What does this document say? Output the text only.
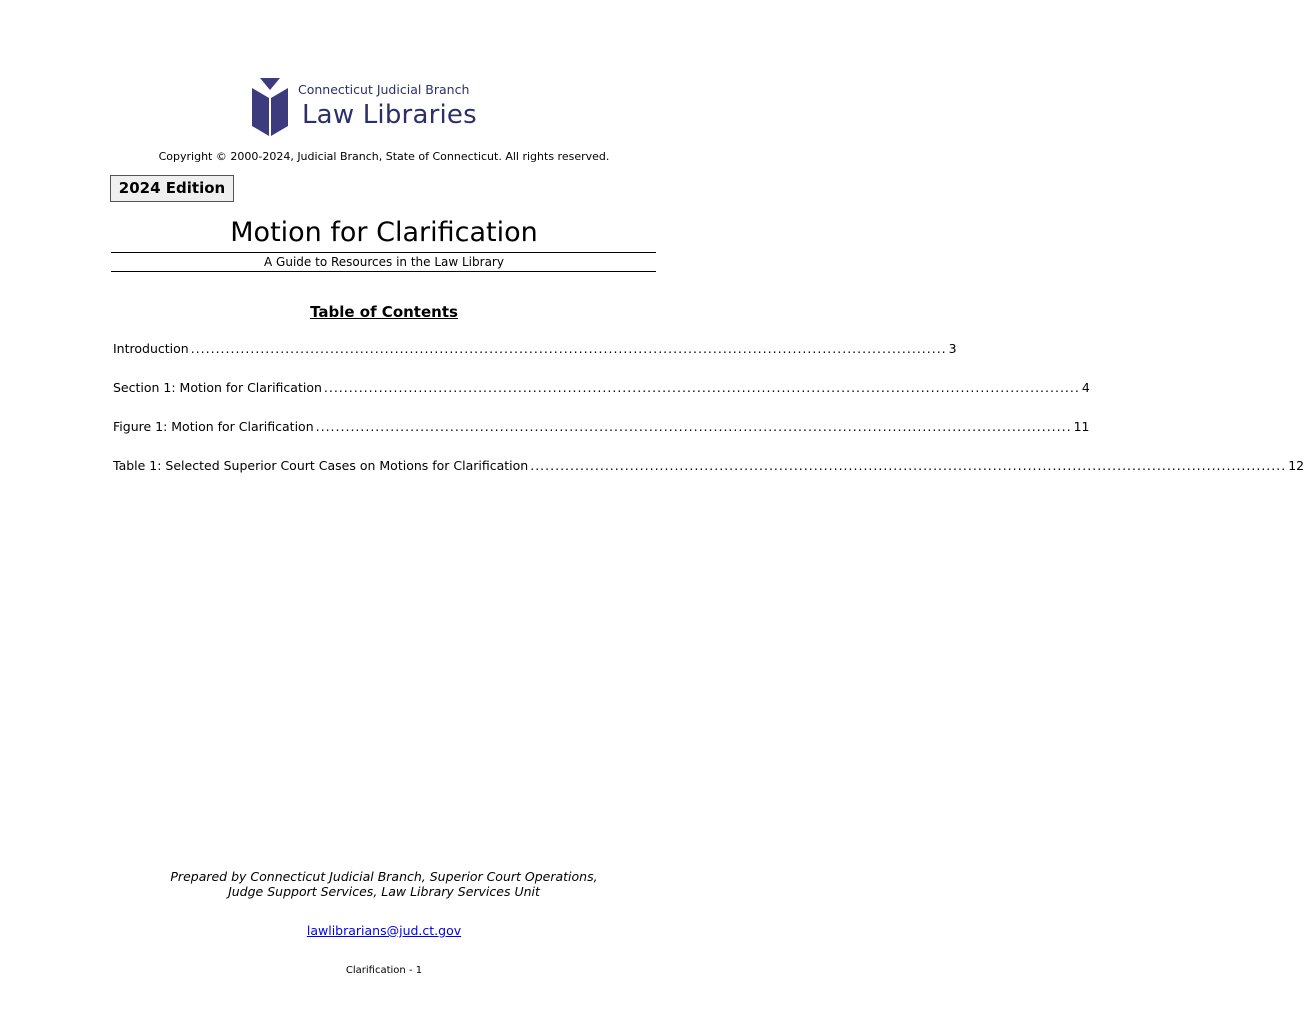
Connecticut Judicial Branch
Law Libraries
Copyright © 2000-2024, Judicial Branch, State of Connecticut. All rights reserved.
2024 Edition
Motion for Clarification
A Guide to Resources in the Law Library
Table of Contents
Introduction ........................................................................................................................................................ 3
Section 1: Motion for Clarification ........................................................................................................................................................ 4
Figure 1: Motion for Clarification ........................................................................................................................................................ 11
Table 1: Selected Superior Court Cases on Motions for Clarification ........................................................................................................................................................ 12
Prepared by Connecticut Judicial Branch, Superior Court Operations,
Judge Support Services, Law Library Services Unit
lawlibrarians@jud.ct.gov
Clarification - 1
